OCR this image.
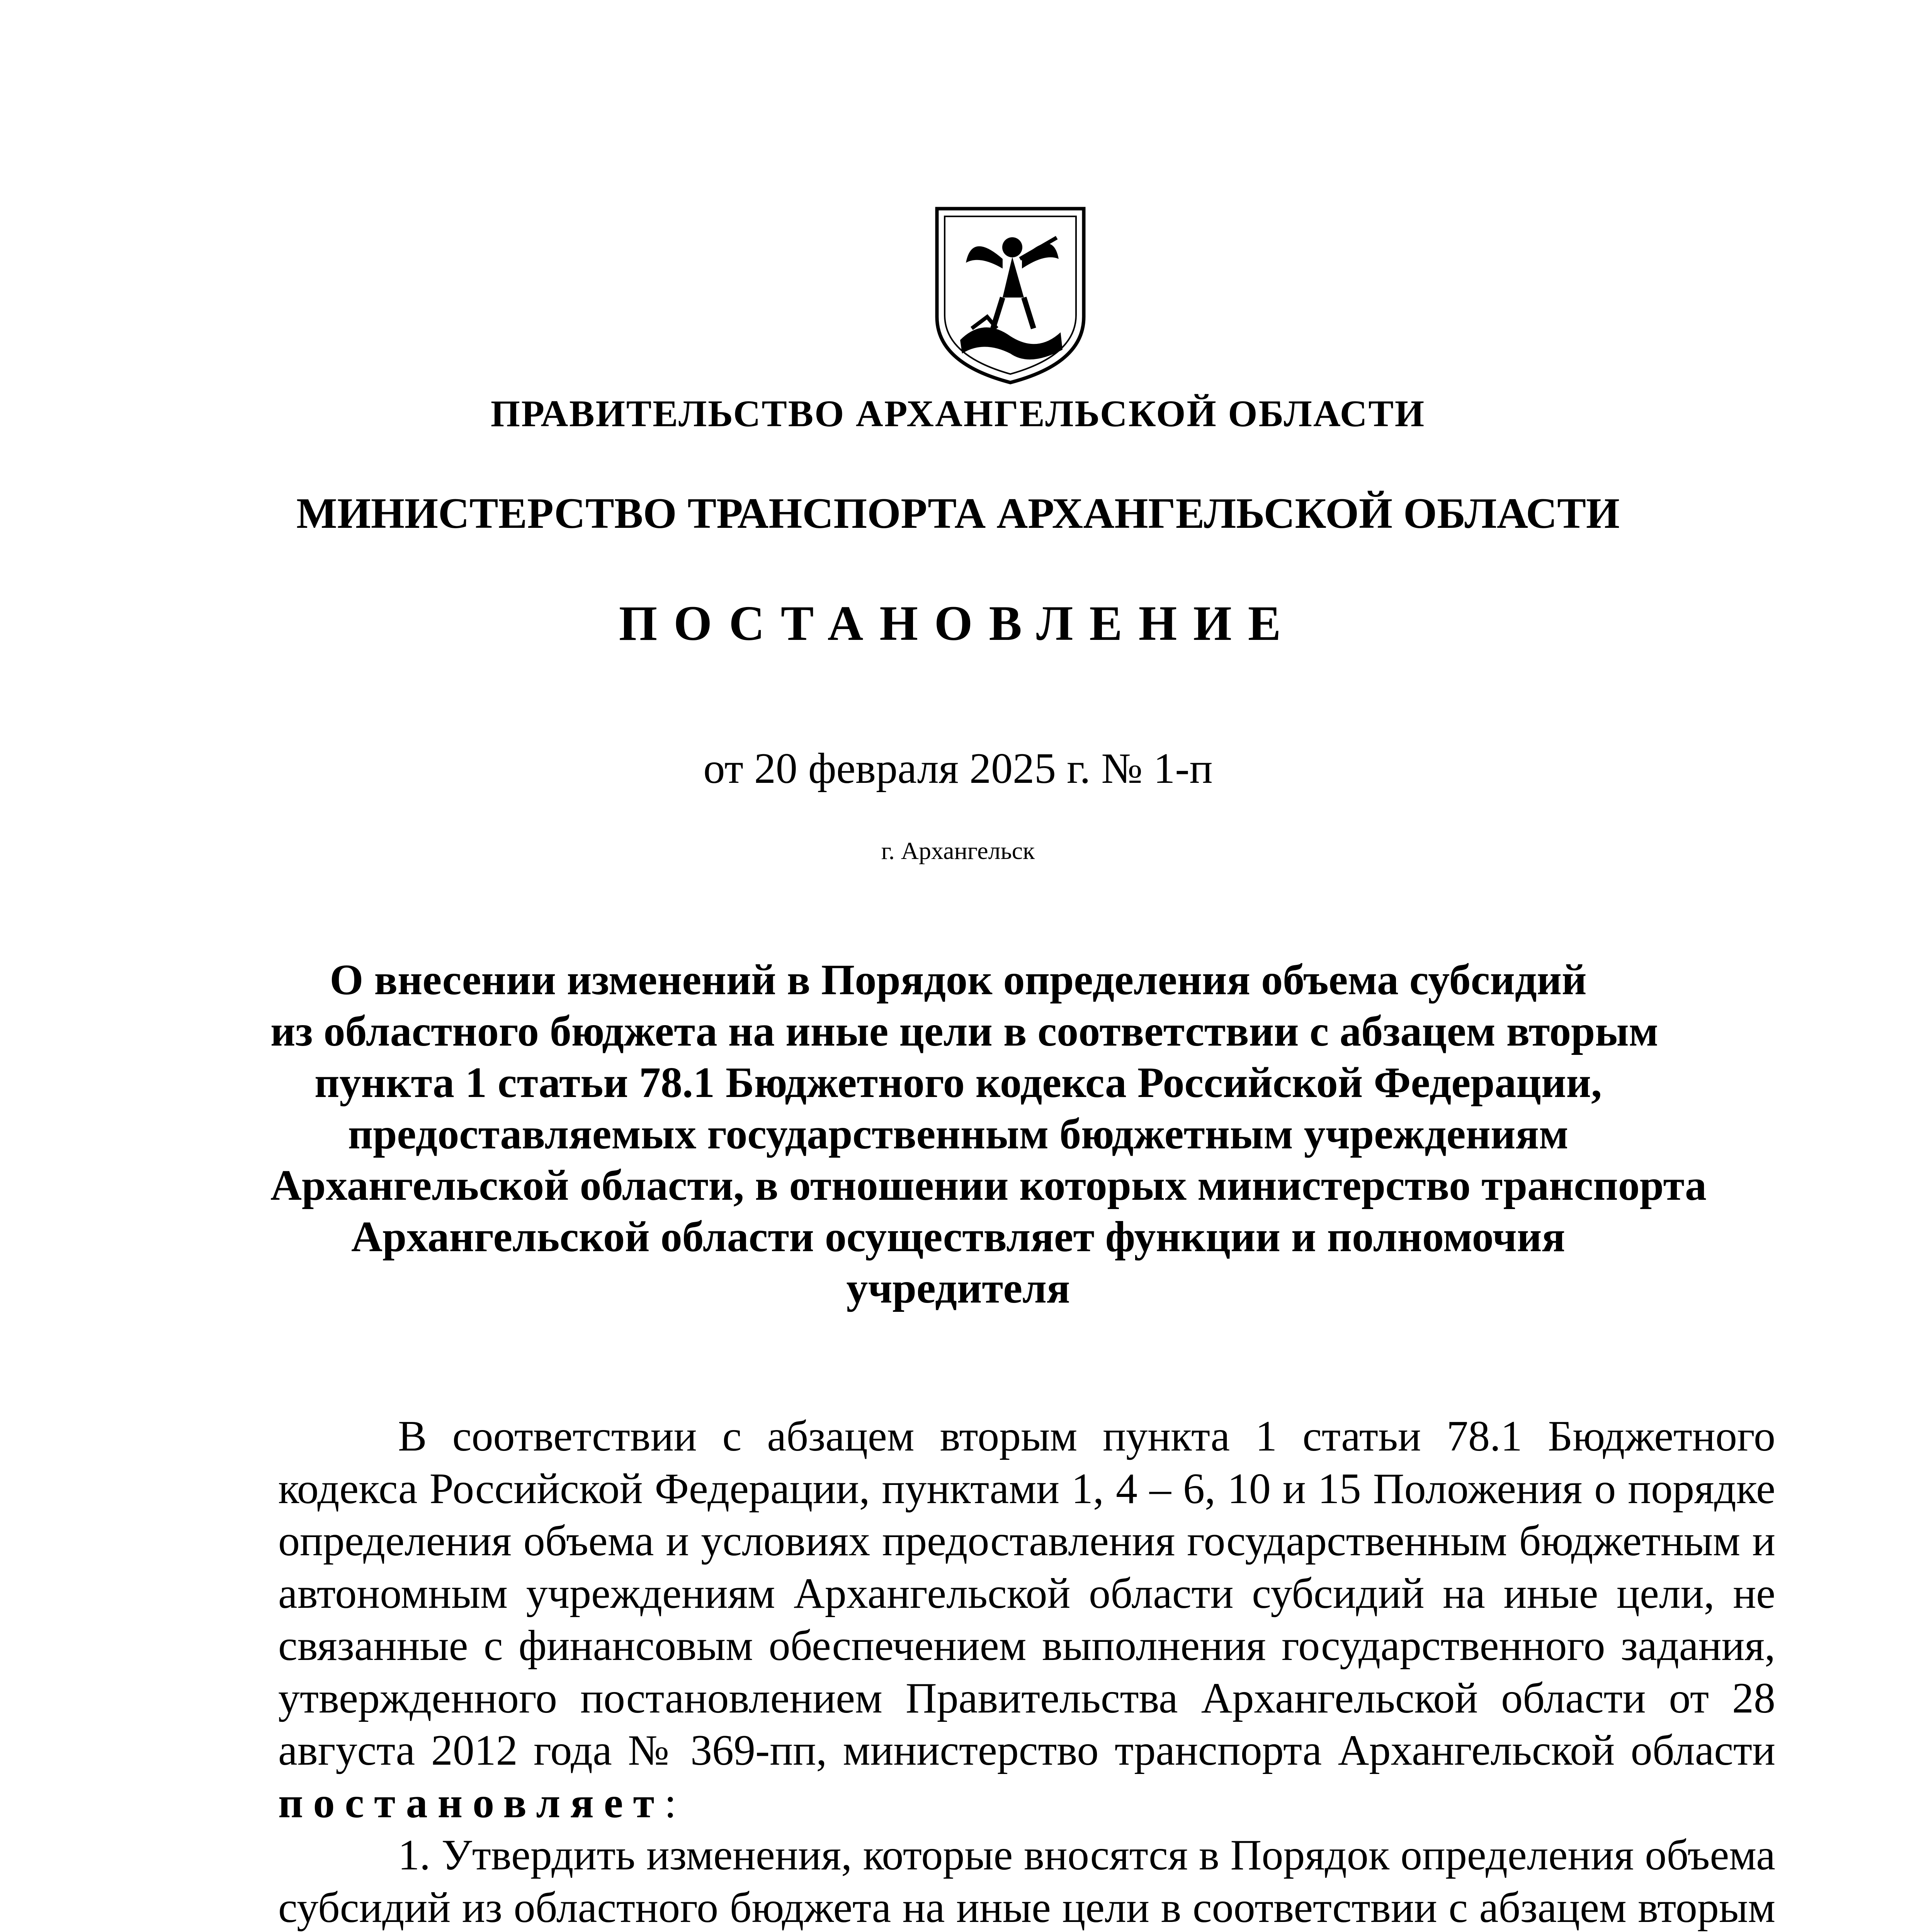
ПРАВИТЕЛЬСТВО АРХАНГЕЛЬСКОЙ ОБЛАСТИ
МИНИСТЕРСТВО ТРАНСПОРТА АРХАНГЕЛЬСКОЙ ОБЛАСТИ
ПОСТАНОВЛЕНИЕ
от 20 февраля 2025 г. № 1-п
г. Архангельск
О внесении изменений в Порядок определения объема субсидий
из областного бюджета на иные цели в соответствии с абзацем вторым
пункта 1 статьи 78.1 Бюджетного кодекса Российской Федерации,
предоставляемых государственным бюджетным учреждениям
Архангельской области, в отношении которых министерство транспорта
Архангельской области осуществляет функции и полномочия
учредителя
В соответствии с абзацем вторым пункта 1 статьи 78.1 Бюджетного кодекса Российской Федерации, пунктами 1, 4 – 6, 10 и 15 Положения о порядке определения объема и условиях предоставления государственным бюджетным и автономным учреждениям Архангельской области субсидий на иные цели, не связанные с финансовым обеспечением выполнения государственного задания, утвержденного постановлением Правительства Архангельской области от 28 августа 2012 года № 369-пп, министерство транспорта Архангельской области постановляет:
1. Утвердить изменения, которые вносятся в Порядок определения объема субсидий из областного бюджета на иные цели в соответствии с абзацем вторым
